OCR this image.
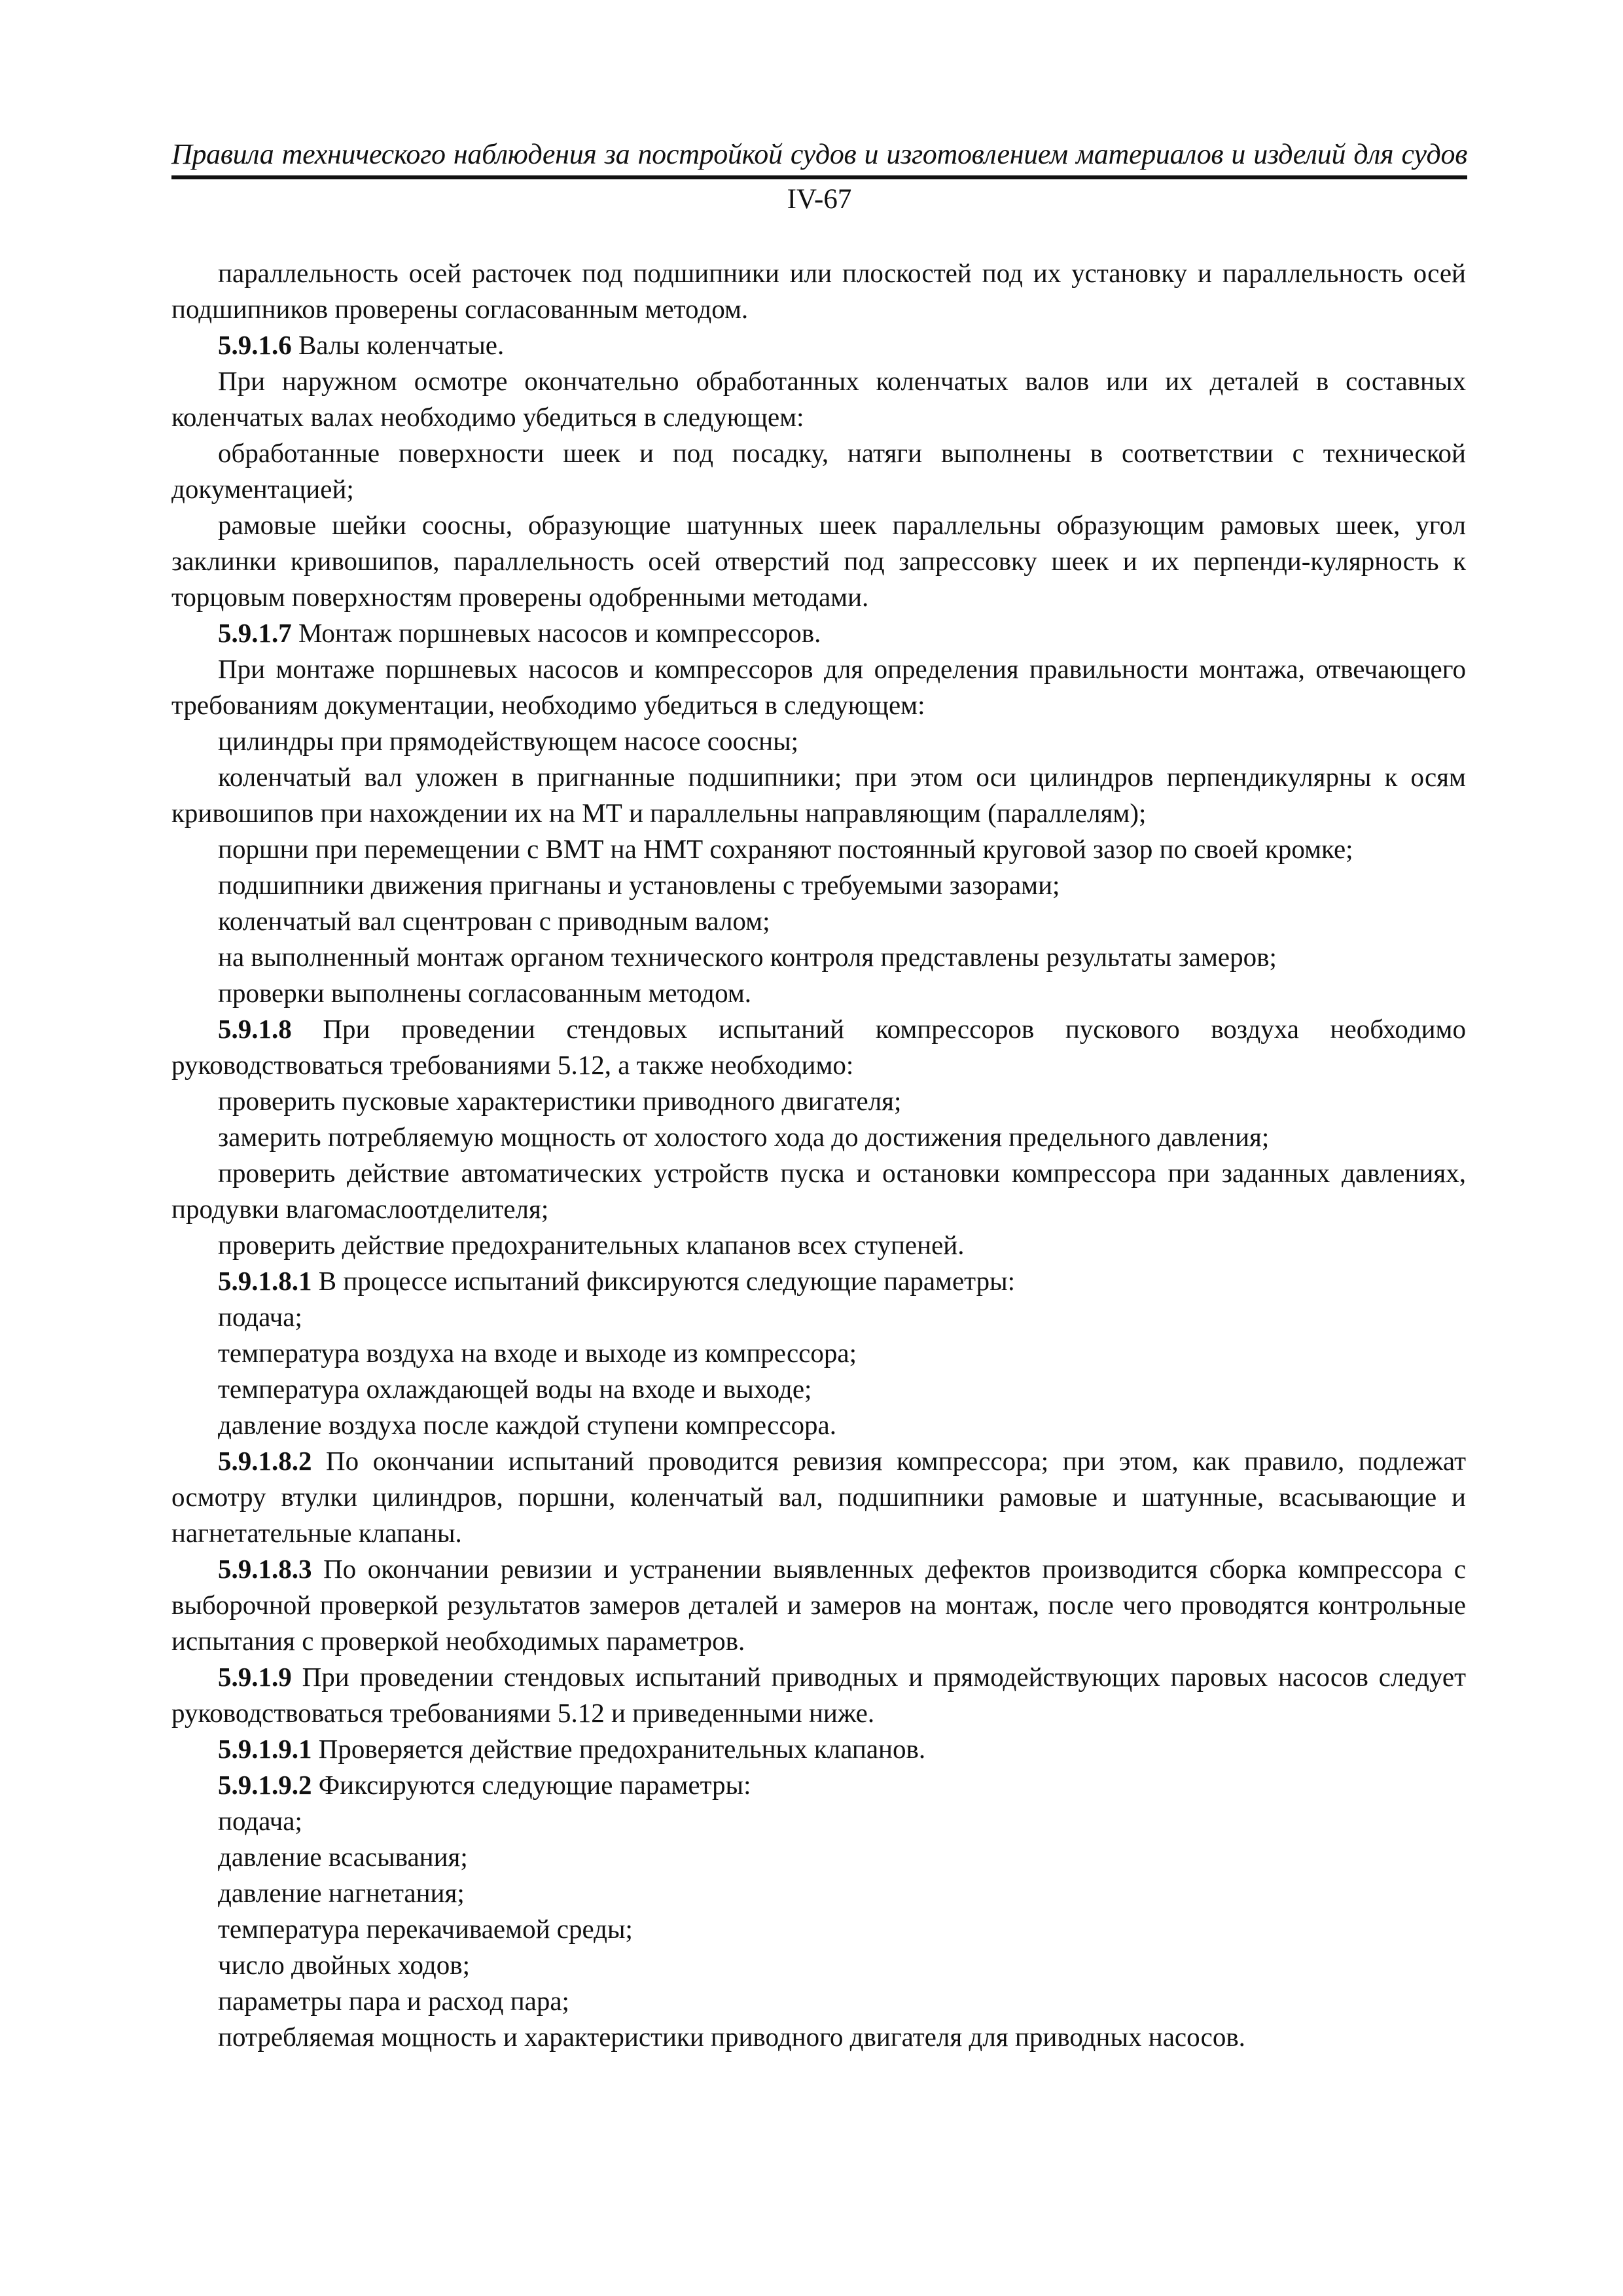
Правила технического наблюдения за постройкой судов и изготовлением материалов и изделий для судов
IV-67

параллельность осей расточек под подшипники или плоскостей под их установку и параллельность осей подшипников проверены согласованным методом.

5.9.1.6 Валы коленчатые.

При наружном осмотре окончательно обработанных коленчатых валов или их деталей в составных коленчатых валах необходимо убедиться в следующем:

обработанные поверхности шеек и под посадку, натяги выполнены в соответствии с технической документацией;

рамовые шейки соосны, образующие шатунных шеек параллельны образующим рамовых шеек, угол заклинки кривошипов, параллельность осей отверстий под запрессовку шеек и их перпенди-кулярность к торцовым поверхностям проверены одобренными методами.

5.9.1.7 Монтаж поршневых насосов и компрессоров.

При монтаже поршневых насосов и компрессоров для определения правильности монтажа, отвечающего требованиям документации, необходимо убедиться в следующем:

цилиндры при прямодействующем насосе соосны;

коленчатый вал уложен в пригнанные подшипники; при этом оси цилиндров перпендикулярны к осям кривошипов при нахождении их на МТ и параллельны направляющим (параллелям);

поршни при перемещении с ВМТ на НМТ сохраняют постоянный круговой зазор по своей кромке;

подшипники движения пригнаны и установлены с требуемыми зазорами;

коленчатый вал сцентрован с приводным валом;

на выполненный монтаж органом технического контроля представлены результаты замеров;

проверки выполнены согласованным методом.

5.9.1.8 При проведении стендовых испытаний компрессоров пускового воздуха необходимо руководствоваться требованиями 5.12, а также необходимо:

проверить пусковые характеристики приводного двигателя;

замерить потребляемую мощность от холостого хода до достижения предельного давления;

проверить действие автоматических устройств пуска и остановки компрессора при заданных давлениях, продувки влагомаслоотделителя;

проверить действие предохранительных клапанов всех ступеней.

5.9.1.8.1 В процессе испытаний фиксируются следующие параметры:

подача;

температура воздуха на входе и выходе из компрессора;

температура охлаждающей воды на входе и выходе;

давление воздуха после каждой ступени компрессора.

5.9.1.8.2 По окончании испытаний проводится ревизия компрессора; при этом, как правило, подлежат осмотру втулки цилиндров, поршни, коленчатый вал, подшипники рамовые и шатунные, всасывающие и нагнетательные клапаны.

5.9.1.8.3 По окончании ревизии и устранении выявленных дефектов производится сборка компрессора с выборочной проверкой результатов замеров деталей и замеров на монтаж, после чего проводятся контрольные испытания с проверкой необходимых параметров.

5.9.1.9 При проведении стендовых испытаний приводных и прямодействующих паровых насосов следует руководствоваться требованиями 5.12 и приведенными ниже.

5.9.1.9.1 Проверяется действие предохранительных клапанов.

5.9.1.9.2 Фиксируются следующие параметры:

подача;

давление всасывания;

давление нагнетания;

температура перекачиваемой среды;

число двойных ходов;

параметры пара и расход пара;

потребляемая мощность и характеристики приводного двигателя для приводных насосов.
